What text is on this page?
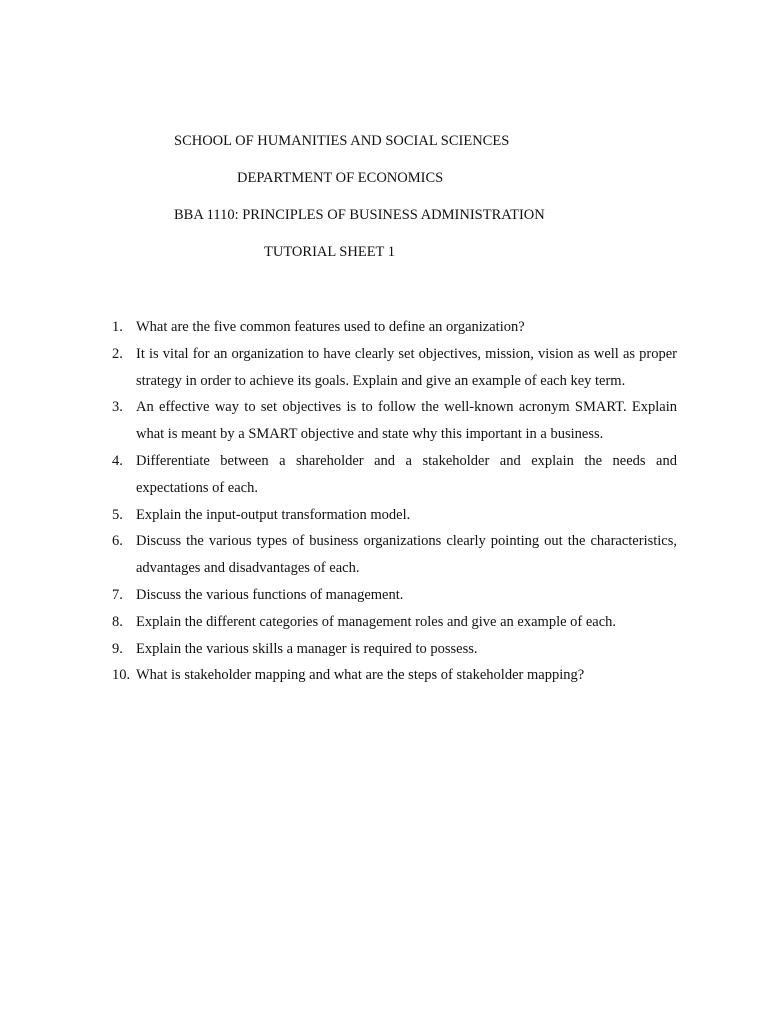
SCHOOL OF HUMANITIES AND SOCIAL SCIENCES

DEPARTMENT OF ECONOMICS

BBA 1110: PRINCIPLES OF BUSINESS ADMINISTRATION

TUTORIAL SHEET 1

1. What are the five common features used to define an organization?
2. It is vital for an organization to have clearly set objectives, mission, vision as well as proper strategy in order to achieve its goals. Explain and give an example of each key term.
3. An effective way to set objectives is to follow the well-known acronym SMART. Explain what is meant by a SMART objective and state why this important in a business.
4. Differentiate between a shareholder and a stakeholder and explain the needs and expectations of each.
5. Explain the input-output transformation model.
6. Discuss the various types of business organizations clearly pointing out the characteristics, advantages and disadvantages of each.
7. Discuss the various functions of management.
8. Explain the different categories of management roles and give an example of each.
9. Explain the various skills a manager is required to possess.
10. What is stakeholder mapping and what are the steps of stakeholder mapping?
